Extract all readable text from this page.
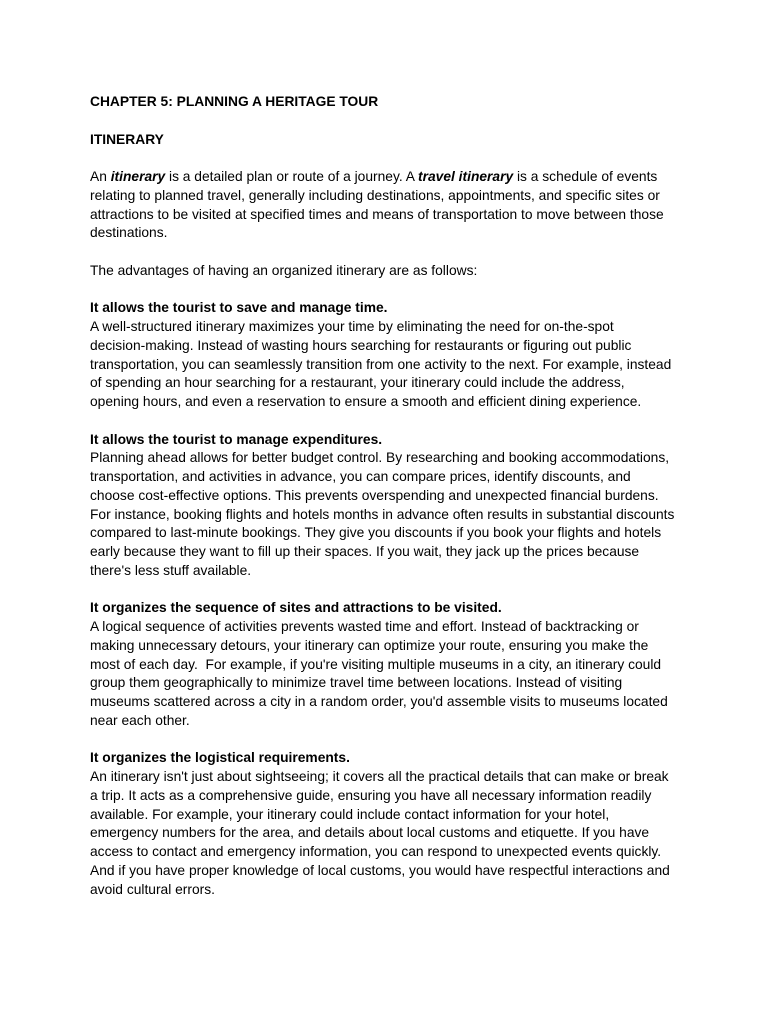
CHAPTER 5: PLANNING A HERITAGE TOUR
ITINERARY
An itinerary is a detailed plan or route of a journey. A travel itinerary is a schedule of events
relating to planned travel, generally including destinations, appointments, and specific sites or
attractions to be visited at specified times and means of transportation to move between those
destinations.
The advantages of having an organized itinerary are as follows:
It allows the tourist to save and manage time.
A well-structured itinerary maximizes your time by eliminating the need for on-the-spot
decision-making. Instead of wasting hours searching for restaurants or figuring out public
transportation, you can seamlessly transition from one activity to the next. For example, instead
of spending an hour searching for a restaurant, your itinerary could include the address,
opening hours, and even a reservation to ensure a smooth and efficient dining experience.
It allows the tourist to manage expenditures.
Planning ahead allows for better budget control. By researching and booking accommodations,
transportation, and activities in advance, you can compare prices, identify discounts, and
choose cost-effective options. This prevents overspending and unexpected financial burdens.
For instance, booking flights and hotels months in advance often results in substantial discounts
compared to last-minute bookings. They give you discounts if you book your flights and hotels
early because they want to fill up their spaces. If you wait, they jack up the prices because
there's less stuff available.
It organizes the sequence of sites and attractions to be visited.
A logical sequence of activities prevents wasted time and effort. Instead of backtracking or
making unnecessary detours, your itinerary can optimize your route, ensuring you make the
most of each day.  For example, if you're visiting multiple museums in a city, an itinerary could
group them geographically to minimize travel time between locations. Instead of visiting
museums scattered across a city in a random order, you'd assemble visits to museums located
near each other.
It organizes the logistical requirements.
An itinerary isn't just about sightseeing; it covers all the practical details that can make or break
a trip. It acts as a comprehensive guide, ensuring you have all necessary information readily
available. For example, your itinerary could include contact information for your hotel,
emergency numbers for the area, and details about local customs and etiquette. If you have
access to contact and emergency information, you can respond to unexpected events quickly.
And if you have proper knowledge of local customs, you would have respectful interactions and
avoid cultural errors.
